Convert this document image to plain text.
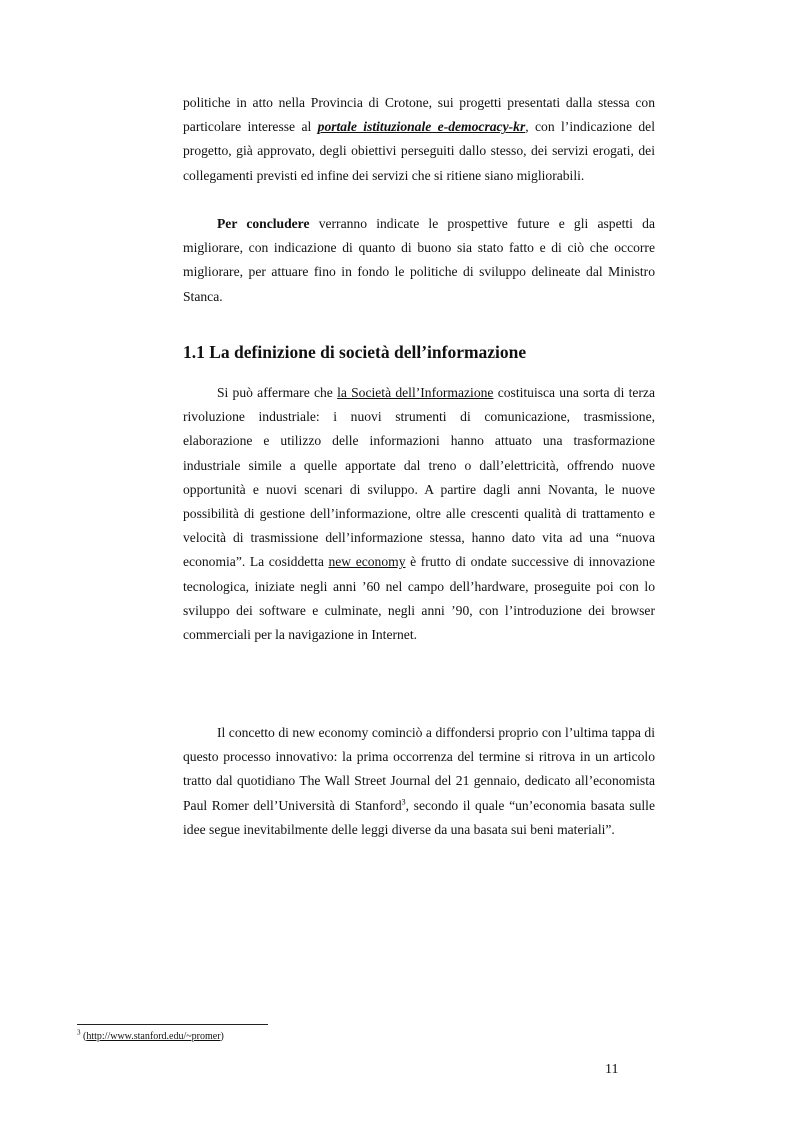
politiche in atto nella Provincia di Crotone, sui progetti presentati dalla stessa con particolare interesse al portale istituzionale e-democracy-kr, con l’indicazione del progetto, già approvato, degli obiettivi perseguiti dallo stesso, dei servizi erogati, dei collegamenti previsti ed infine dei servizi che si ritiene siano migliorabili.

Per concludere verranno indicate le prospettive future e gli aspetti da migliorare, con indicazione di quanto di buono sia stato fatto e di ciò che occorre migliorare, per attuare fino in fondo le politiche di sviluppo delineate dal Ministro Stanca.

1.1 La definizione di società dell’informazione

Si può affermare che la Società dell’Informazione costituisca una sorta di terza rivoluzione industriale: i nuovi strumenti di comunicazione, trasmissione, elaborazione e utilizzo delle informazioni hanno attuato una trasformazione industriale simile a quelle apportate dal treno o dall’elettricità, offrendo nuove opportunità e nuovi scenari di sviluppo. A partire dagli anni Novanta, le nuove possibilità di gestione dell’informazione, oltre alle crescenti qualità di trattamento e velocità di trasmissione dell’informazione stessa, hanno dato vita ad una “nuova economia”. La cosiddetta new economy è frutto di ondate successive di innovazione tecnologica, iniziate negli anni ’60 nel campo dell’hardware, proseguite poi con lo sviluppo dei software e culminate, negli anni ’90, con l’introduzione dei browser commerciali per la navigazione in Internet.

Il concetto di new economy cominciò a diffondersi proprio con l’ultima tappa di questo processo innovativo: la prima occorrenza del termine si ritrova in un articolo tratto dal quotidiano The Wall Street Journal del 21 gennaio, dedicato all’economista Paul Romer dell’Università di Stanford$^3$, secondo il quale “un’economia basata sulle idee segue inevitabilmente delle leggi diverse da una basata sui beni materiali”.

$^3$ (http://www.stanford.edu/~promer)

11
